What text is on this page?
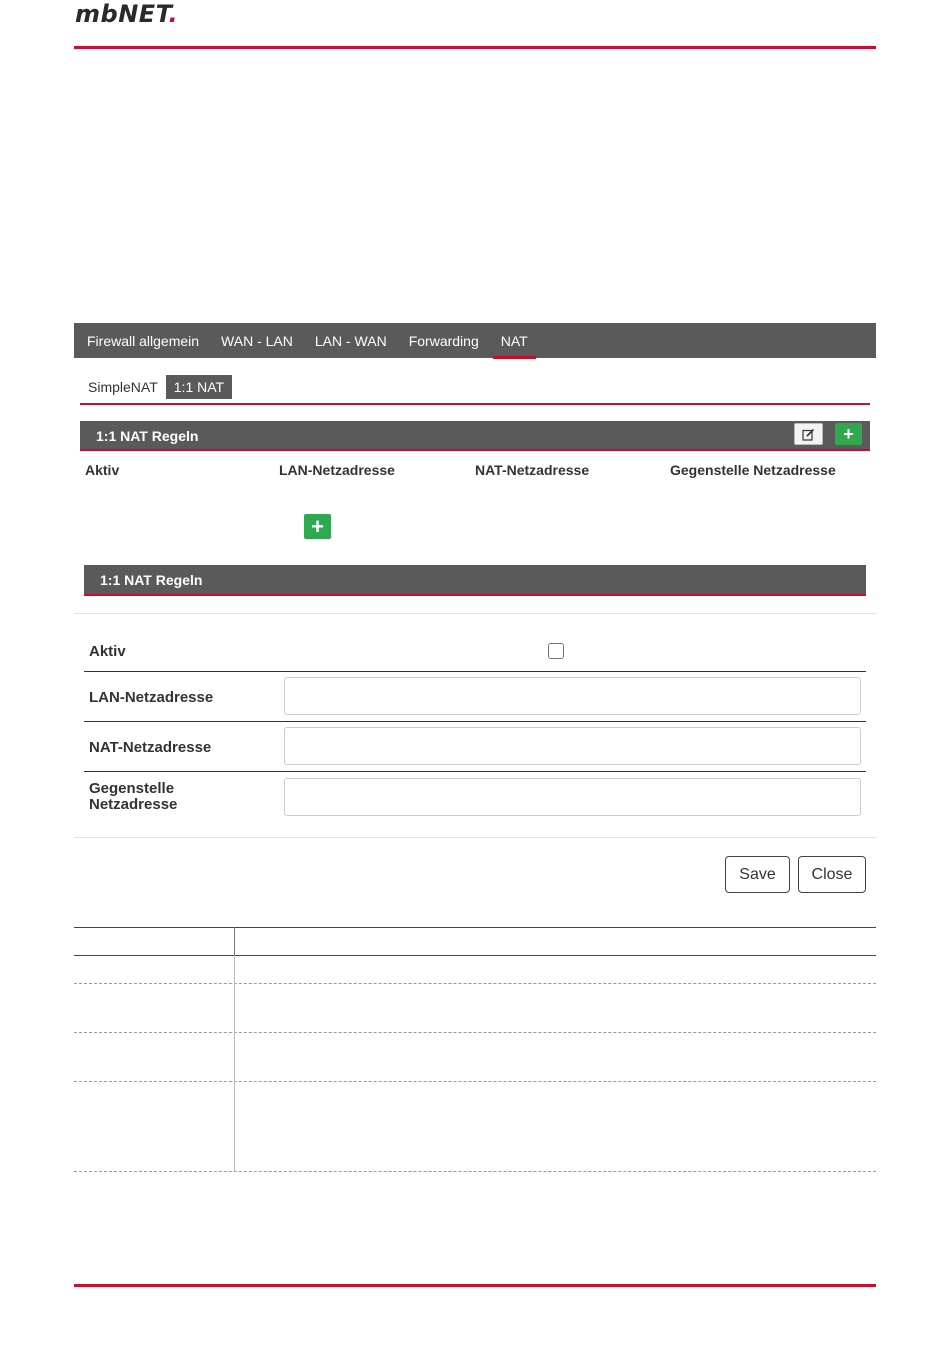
mbNET.
Firewall allgemein WAN - LAN LAN - WAN Forwarding NAT
SimpleNAT	1:1 NAT
1:1 NAT Regeln	+
Aktiv	LAN-Netzadresse	NAT-Netzadresse	Gegenstelle Netzadresse
+
1:1 NAT Regeln
Aktiv
LAN-Netzadresse
NAT-Netzadresse
Gegenstelle
Netzadresse
Save	Close
